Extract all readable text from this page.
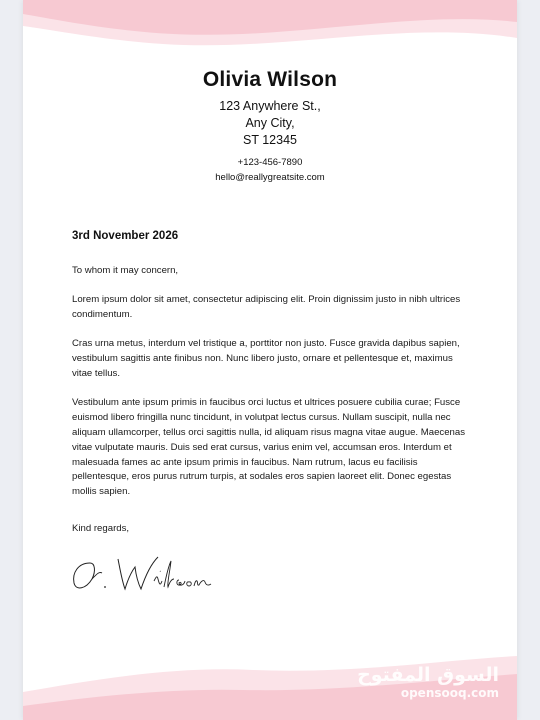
Olivia Wilson
123 Anywhere St.,
Any City,
ST 12345
+123-456-7890
hello@reallygreatsite.com
3rd November 2026
To whom it may concern,
Lorem ipsum dolor sit amet, consectetur adipiscing elit. Proin dignissim justo in nibh ultrices condimentum.
Cras urna metus, interdum vel tristique a, porttitor non justo. Fusce gravida dapibus sapien, vestibulum sagittis ante finibus non. Nunc libero justo, ornare et pellentesque et, maximus vitae tellus.
Vestibulum ante ipsum primis in faucibus orci luctus et ultrices posuere cubilia curae; Fusce euismod libero fringilla nunc tincidunt, in volutpat lectus cursus. Nullam suscipit, nulla nec aliquam ullamcorper, tellus orci sagittis nulla, id aliquam risus magna vitae augue. Maecenas vitae vulputate mauris. Duis sed erat cursus, varius enim vel, accumsan eros. Interdum et malesuada fames ac ante ipsum primis in faucibus. Nam rutrum, lacus eu facilisis pellentesque, eros purus rutrum turpis, at sodales eros sapien laoreet elit. Donec egestas mollis sapien.
Kind regards,
السوق المفتوح
opensooq.com
